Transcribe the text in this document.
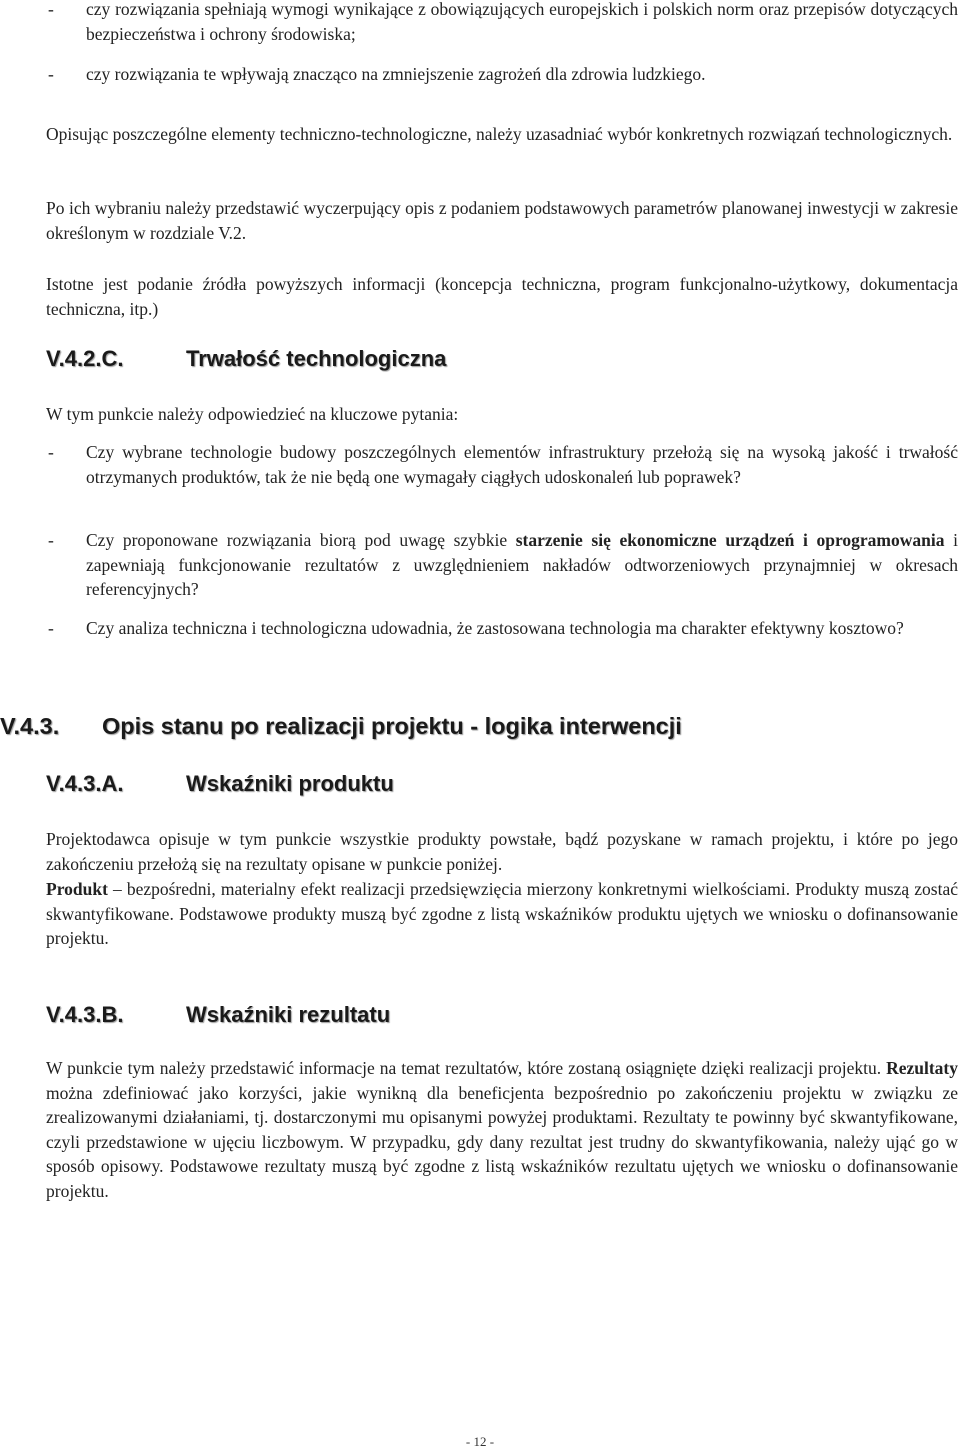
- czy rozwiązania spełniają wymogi wynikające z obowiązujących europejskich i polskich norm oraz przepisów dotyczących bezpieczeństwa i ochrony środowiska;
- czy rozwiązania te wpływają znacząco na zmniejszenie zagrożeń dla zdrowia ludzkiego.

Opisując poszczególne elementy techniczno-technologiczne, należy uzasadniać wybór konkretnych rozwiązań technologicznych.

Po ich wybraniu należy przedstawić wyczerpujący opis z podaniem podstawowych parametrów planowanej inwestycji w zakresie określonym w rozdziale V.2.

Istotne jest podanie źródła powyższych informacji (koncepcja techniczna, program funkcjonalno-użytkowy, dokumentacja techniczna, itp.)

V.4.2.C.	Trwałość technologiczna

W tym punkcie należy odpowiedzieć na kluczowe pytania:

- Czy wybrane technologie budowy poszczególnych elementów infrastruktury przełożą się na wysoką jakość i trwałość otrzymanych produktów, tak że nie będą one wymagały ciągłych udoskonaleń lub poprawek?
- Czy proponowane rozwiązania biorą pod uwagę szybkie starzenie się ekonomiczne urządzeń i oprogramowania i zapewniają funkcjonowanie rezultatów z uwzględnieniem nakładów odtworzeniowych przynajmniej w okresach referencyjnych?
- Czy analiza techniczna i technologiczna udowadnia, że zastosowana technologia ma charakter efektywny kosztowo?
V.4.3. Opis stanu po realizacji projektu - logika interwencji
V.4.3.A.	Wskaźniki produktu

Projektodawca opisuje w tym punkcie wszystkie produkty powstałe, bądź pozyskane w ramach projektu, i które po jego zakończeniu przełożą się na rezultaty opisane w punkcie poniżej.

Produkt – bezpośredni, materialny efekt realizacji przedsięwzięcia mierzony konkretnymi wielkościami. Produkty muszą zostać skwantyfikowane. Podstawowe produkty muszą być zgodne z listą wskaźników produktu ujętych we wniosku o dofinansowanie projektu.

V.4.3.B.	Wskaźniki rezultatu

W punkcie tym należy przedstawić informacje na temat rezultatów, które zostaną osiągnięte dzięki realizacji projektu. Rezultaty można zdefiniować jako korzyści, jakie wynikną dla beneficjenta bezpośrednio po zakończeniu projektu w związku ze zrealizowanymi działaniami, tj. dostarczonymi mu opisanymi powyżej produktami. Rezultaty te powinny być skwantyfikowane, czyli przedstawione w ujęciu liczbowym. W przypadku, gdy dany rezultat jest trudny do skwantyfikowania, należy ująć go w sposób opisowy. Podstawowe rezultaty muszą być zgodne z listą wskaźników rezultatu ujętych we wniosku o dofinansowanie projektu.

- 12 -
